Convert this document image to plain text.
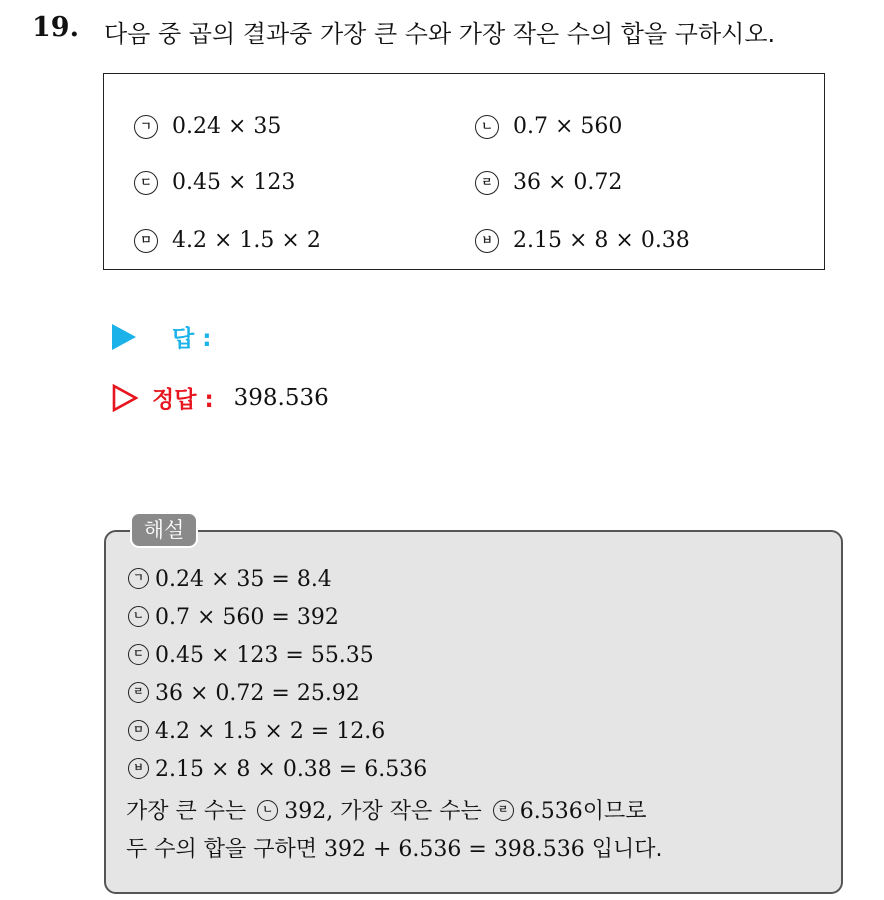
19. 다음 중 곱의 결과중 가장 큰 수와 가장 작은 수의 합을 구하시오.
ㄱ 0.24 × 35	ㄴ 0.7 × 560
ㄷ 0.45 × 123	ㄹ 36 × 0.72
ㅁ 4.2 × 1.5 × 2	ㅂ 2.15 × 8 × 0.38
답 :
정답 : 398.536
해설
ㄱ 0.24 × 35 = 8.4
ㄴ 0.7 × 560 = 392
ㄷ 0.45 × 123 = 55.35
ㄹ 36 × 0.72 = 25.92
ㅁ 4.2 × 1.5 × 2 = 12.6
ㅂ 2.15 × 8 × 0.38 = 6.536
가장 큰 수는 ㄴ 392, 가장 작은 수는 ㄹ 6.536이므로
두 수의 합을 구하면 392 + 6.536 = 398.536 입니다.
